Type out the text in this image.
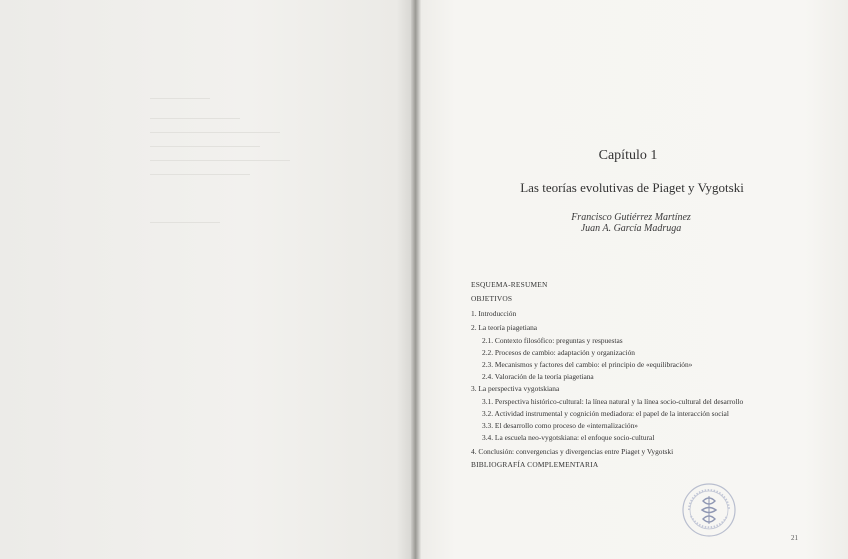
Capítulo 1
Las teorías evolutivas de Piaget y Vygotski
Francisco Gutiérrez Martínez
Juan A. García Madruga
ESQUEMA-RESUMEN
OBJETIVOS
1. Introducción
2. La teoría piagetiana
2.1. Contexto filosófico: preguntas y respuestas
2.2. Procesos de cambio: adaptación y organización
2.3. Mecanismos y factores del cambio: el principio de «equilibración»
2.4. Valoración de la teoría piagetiana
3. La perspectiva vygotskiana
3.1. Perspectiva histórico-cultural: la línea natural y la línea socio-cultural del desarrollo
3.2. Actividad instrumental y cognición mediadora: el papel de la interacción social
3.3. El desarrollo como proceso de «internalización»
3.4. La escuela neo-vygotskiana: el enfoque socio-cultural
4. Conclusión: convergencias y divergencias entre Piaget y Vygotski
BIBLIOGRAFÍA COMPLEMENTARIA
21
